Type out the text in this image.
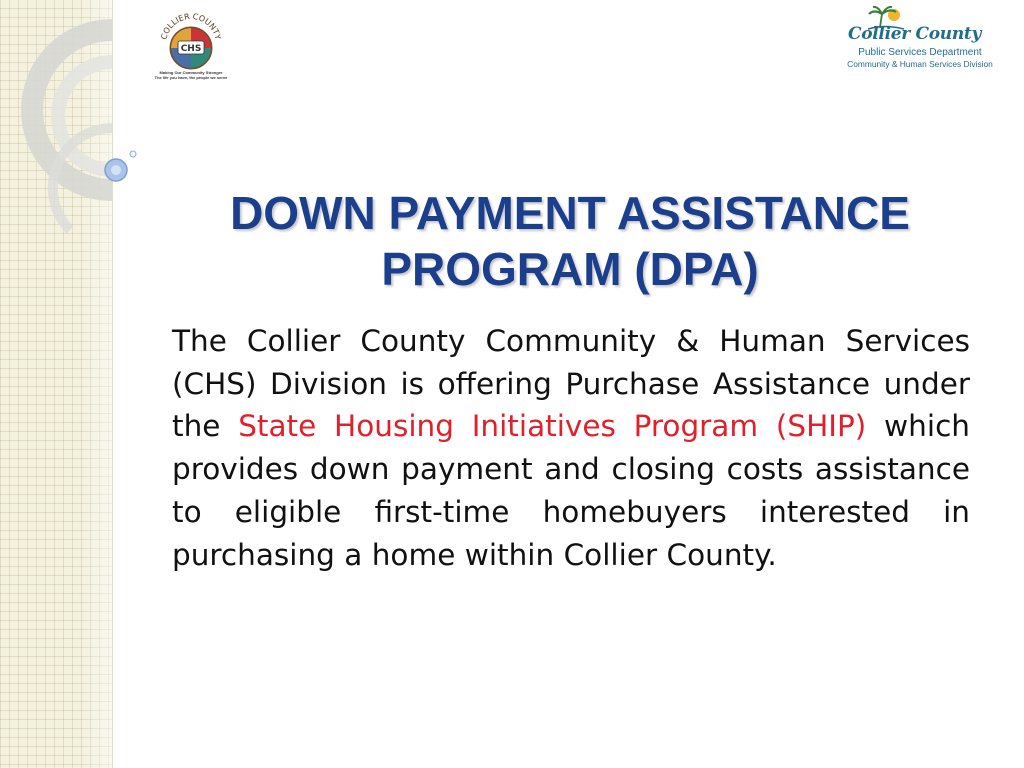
COLLIER COUNTY
CHS
Making Our Community Stronger
The life you have, the people we serve
Collier County
Public Services Department
Community & Human Services Division
DOWN PAYMENT ASSISTANCE
PROGRAM (DPA)

The Collier County Community & Human Services (CHS) Division is offering Purchase Assistance under the State Housing Initiatives Program (SHIP) which provides down payment and closing costs assistance to eligible first-time homebuyers interested in purchasing a home within Collier County.
